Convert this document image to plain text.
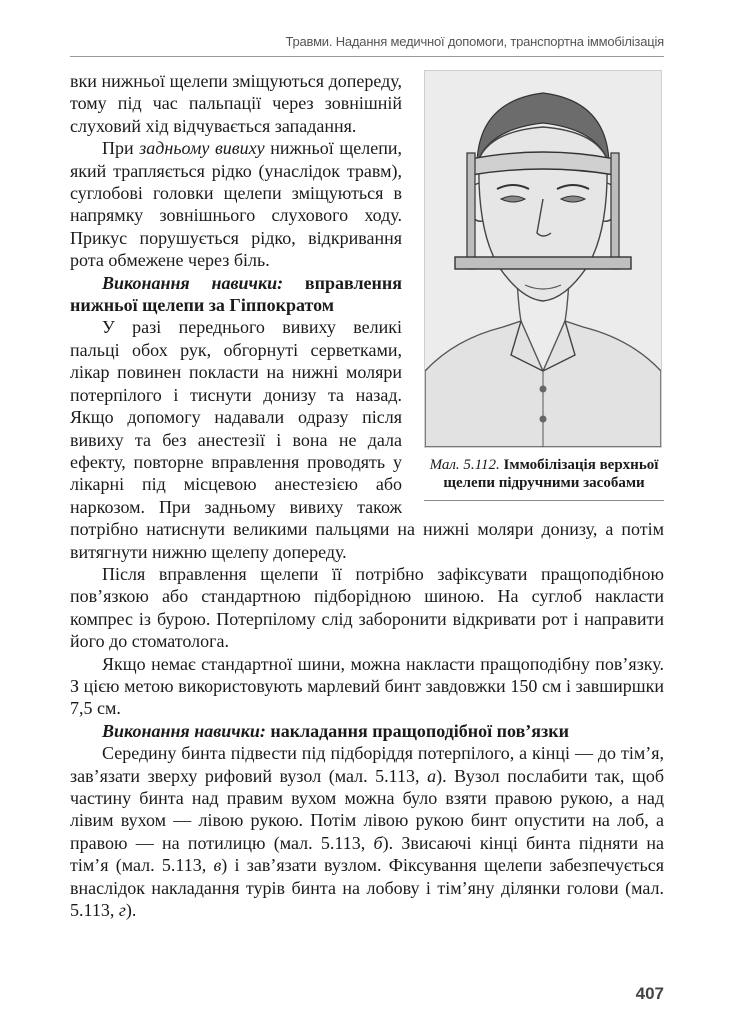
Травми. Надання медичної допомоги, транспортна іммобілізація
Мал. 5.112. Іммобілізація верхньої щелепи підручними засобами

вки нижньої щелепи зміщуються допереду, тому під час пальпації через зовнішній слуховий хід відчувається западання.

При задньому вивиху нижньої щелепи, який трапляється рідко (унаслідок травм), суглобові головки щелепи зміщуються в напрямку зовнішнього слухового ходу. Прикус порушується рідко, відкривання рота обмежене через біль.

Виконання навички: вправлення нижньої щелепи за Гіппократом

У разі переднього вивиху великі пальці обох рук, обгорнуті серветками, лікар повинен покласти на нижні моляри потерпілого і тиснути донизу та назад. Якщо допомогу надавали одразу після вивиху та без анестезії і вона не дала ефекту, повторне вправлення проводять у лікарні під місцевою анестезією або наркозом. При задньому вивиху також потрібно натиснути великими пальцями на нижні моляри донизу, а потім витягнути нижню щелепу допереду.

Після вправлення щелепи її потрібно зафіксувати пращоподібною пов’язкою або стандартною підборідною шиною. На суглоб накласти компрес із бурою. Потерпілому слід заборонити відкривати рот і направити його до стоматолога.

Якщо немає стандартної шини, можна накласти пращоподібну пов’язку. З цією метою використовують марлевий бинт завдовжки 150 см і завширшки 7,5 см.

Виконання навички: накладання пращоподібної пов’язки

Середину бинта підвести під підборіддя потерпілого, а кінці — до тім’я, зав’язати зверху рифовий вузол (мал. 5.113, а). Вузол послабити так, щоб частину бинта над правим вухом можна було взяти правою рукою, а над лівим вухом — лівою рукою. Потім лівою рукою бинт опустити на лоб, а правою — на потилицю (мал. 5.113, б). Звисаючі кінці бинта підняти на тім’я (мал. 5.113, в) і зав’язати вузлом. Фіксування щелепи забезпечується внаслідок накладання турів бинта на лобову і тім’яну ділянки голови (мал. 5.113, г).

407
